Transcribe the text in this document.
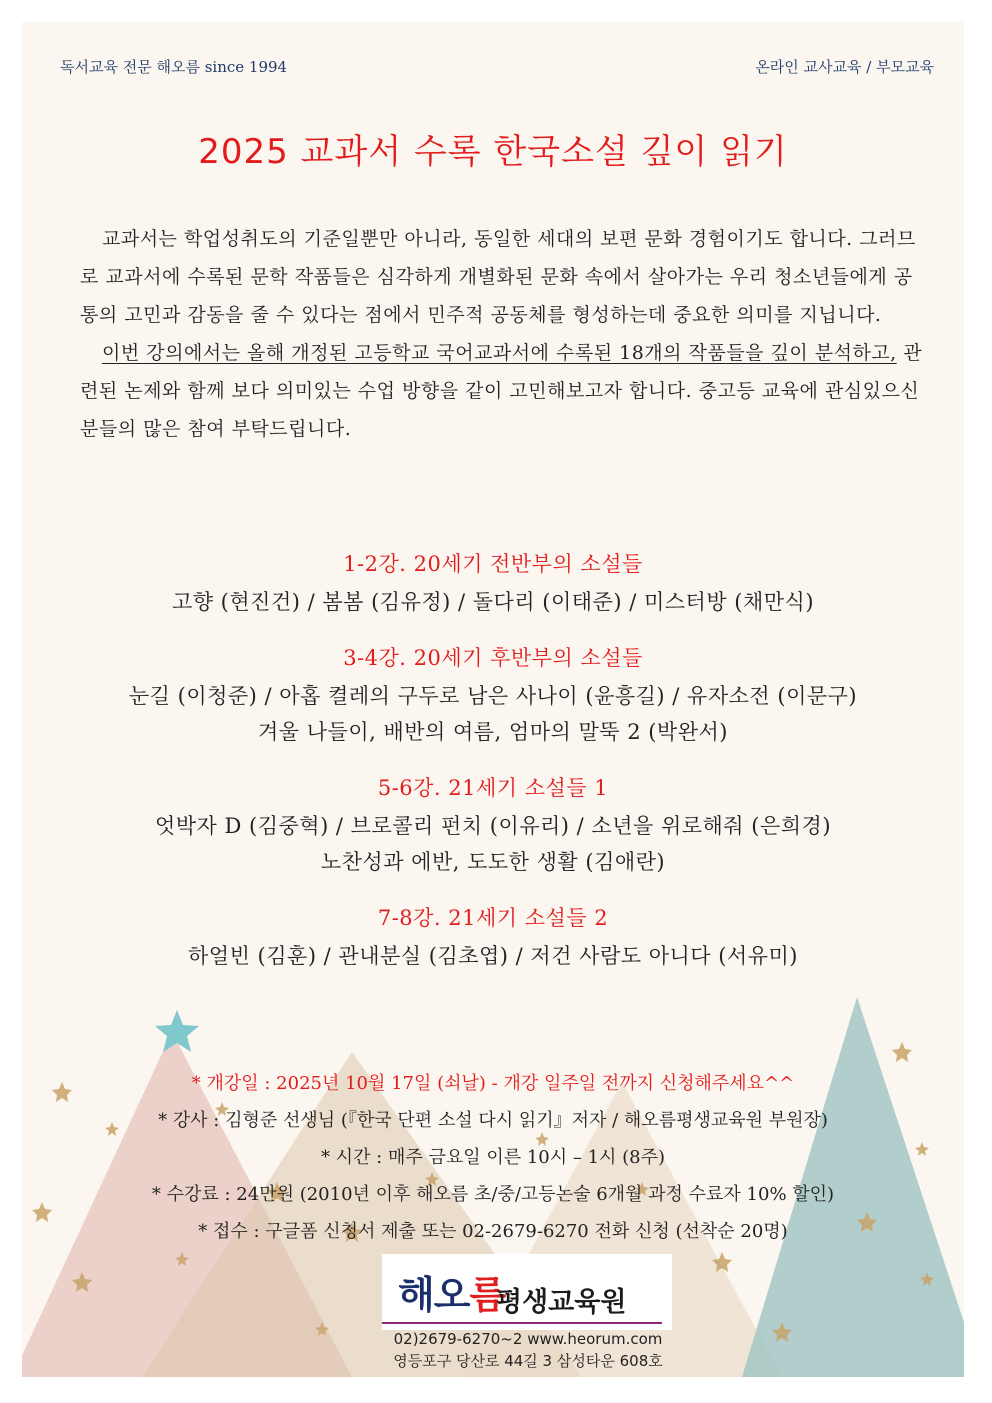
독서교육 전문 해오름 since 1994	온라인 교사교육 / 부모교육
2025 교과서 수록 한국소설 깊이 읽기

교과서는 학업성취도의 기준일뿐만 아니라, 동일한 세대의 보편 문화 경험이기도 합니다. 그러므로 교과서에 수록된 문학 작품들은 심각하게 개별화된 문화 속에서 살아가는 우리 청소년들에게 공통의 고민과 감동을 줄 수 있다는 점에서 민주적 공동체를 형성하는데 중요한 의미를 지닙니다.

이번 강의에서는 올해 개정된 고등학교 국어교과서에 수록된 18개의 작품들을 깊이 분석하고, 관련된 논제와 함께 보다 의미있는 수업 방향을 같이 고민해보고자 합니다. 중고등 교육에 관심있으신 분들의 많은 참여 부탁드립니다.

1-2강. 20세기 전반부의 소설들
고향 (현진건) / 봄봄 (김유정) / 돌다리 (이태준) / 미스터방 (채만식)
3-4강. 20세기 후반부의 소설들
눈길 (이청준) / 아홉 켤레의 구두로 남은 사나이 (윤흥길) / 유자소전 (이문구)
겨울 나들이, 배반의 여름, 엄마의 말뚝 2 (박완서)
5-6강. 21세기 소설들 1
엇박자 D (김중혁) / 브로콜리 펀치 (이유리) / 소년을 위로해줘 (은희경)
노찬성과 에반, 도도한 생활 (김애란)
7-8강. 21세기 소설들 2
하얼빈 (김훈) / 관내분실 (김초엽) / 저건 사람도 아니다 (서유미)
* 개강일 : 2025년 10월 17일 (쇠날) - 개강 일주일 전까지 신청해주세요^^
* 강사 : 김형준 선생님 (『한국 단편 소설 다시 읽기』저자 / 해오름평생교육원 부원장)
* 시간 : 매주 금요일 이른 10시 – 1시 (8주)
* 수강료 : 24만원 (2010년 이후 해오름 초/중/고등논술 6개월 과정 수료자 10% 할인)
* 접수 : 구글폼 신청서 제출 또는 02-2679-6270 전화 신청 (선착순 20명)
해오름
평생교육원
02)2679-6270~2 www.heorum.com
영등포구 당산로 44길 3 삼성타운 608호
